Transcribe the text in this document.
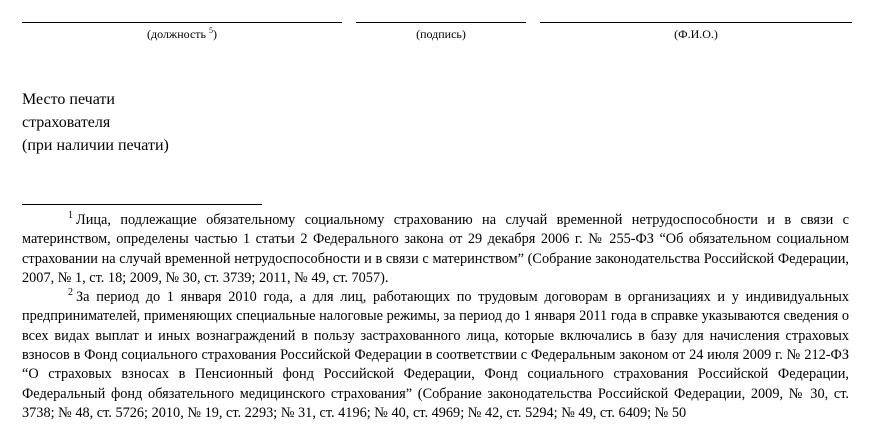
(должность $^5$)	(подпись)	(Ф.И.О.)
Место печати
страхователя
(при наличии печати)

$^1$ Лица, подлежащие обязательному социальному страхованию на случай временной нетрудоспособности и в связи с материнством, определены частью 1 статьи 2 Федерального закона от 29 декабря 2006 г. № 255-ФЗ “Об обязательном социальном страховании на случай временной нетрудоспособности и в связи с материнством” (Собрание законодательства Российской Федерации, 2007, № 1, ст. 18; 2009, № 30, ст. 3739; 2011, № 49, ст. 7057).

$^2$ За период до 1 января 2010 года, а для лиц, работающих по трудовым договорам в организациях и у индивидуальных предпринимателей, применяющих специальные налоговые режимы, за период до 1 января 2011 года в справке указываются сведения о всех видах выплат и иных вознаграждений в пользу застрахованного лица, которые включались в базу для начисления страховых взносов в Фонд социального страхования Российской Федерации в соответствии с Федеральным законом от 24 июля 2009 г. № 212-ФЗ “О страховых взносах в Пенсионный фонд Российской Федерации, Фонд социального страхования Российской Федерации, Федеральный фонд обязательного медицинского страхования” (Собрание законодательства Российской Федерации, 2009, № 30, ст. 3738; № 48, ст. 5726; 2010, № 19, ст. 2293; № 31, ст. 4196; № 40, ст. 4969; № 42, ст. 5294; № 49, ст. 6409; № 50
